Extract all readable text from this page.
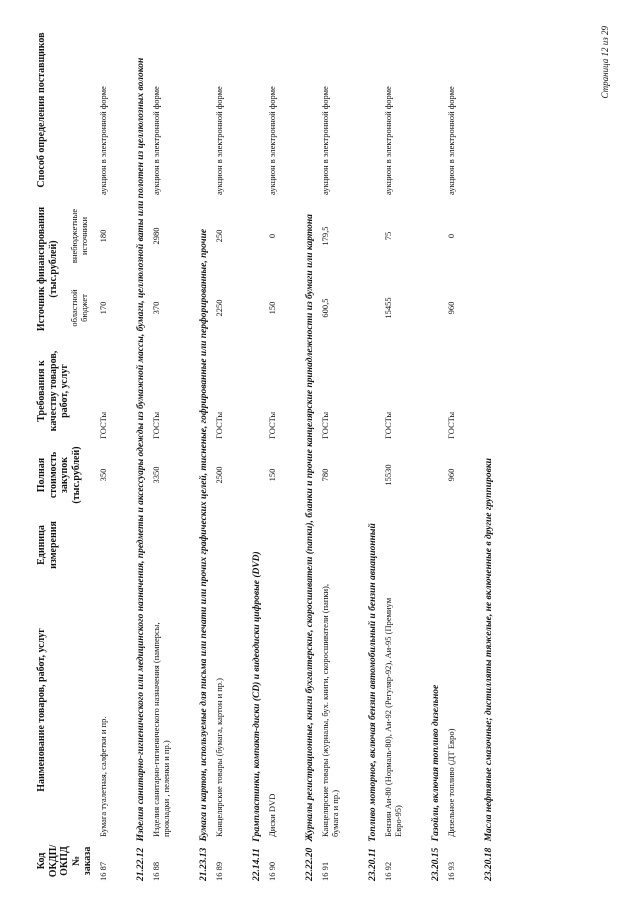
Код ОКДП/ ОКПД № заказа	Наименование товаров, работ, услуг	Единица измерения	Полная стоимость закупок (тыс.рублей)	Требования к качеству товаров, работ, услуг	Источник финансирования (тыс.рублей)		Способ определения поставщиков
					областной бюджет	внебюджетные источники	
16 87	Бумага туалетная, салфетки и пр.		350	ГОСТы	170	180	аукцион в электронной форме
21.22.12 Изделия санитарно-гигиенического или медицинского назначения, предметы и аксессуары одежды из бумажной массы, бумаги, целлюлозной ваты или полотен из целлюлозных волокон							
16 88	Изделия санитарно-гигиенического назначения (памперсы, прокладки , пеленки и пр.)		3350	ГОСТы	370	2980	аукцион в электронной форме
21.23.13 Бумага и картон, используемые для письма или печати или прочих графических целей, тисненые, гофрированные или перфорированные, прочие							
16 89	Канцелярские товары (бумага, картон и пр.)		2500	ГОСТы	2250	250	аукцион в электронной форме
22.14.11 Грампластинки, компакт-диски (CD) и видеодиски цифровые (DVD)							
16 90	Диски DVD		150	ГОСТы	150	0	аукцион в электронной форме
22.22.20 Журналы регистрационные, книги бухгалтерские, скоросшиватели (папки), бланки и прочие канцелярские принадлежности из бумаги или картона							
16 91	Канцелярские товары (журналы, бух. книги, скоросшиватели (папки), бумага и пр.)		780	ГОСТы	600,5	179,5	аукцион в электронной форме
23.20.11 Топливо моторное, включая бензин автомобильный и бензин авиационный							
16 92	Бензин Аи-80 (Нормаль-80), Аи-92 (Регуляр-92), Аи-95 (Премиум Евро-95)		15530	ГОСТы	15455	75	аукцион в электронной форме
23.20.15 Газойли, включая топливо дизельное							
16 93	Дизельное топливо (ДТ Евро)		960	ГОСТы	960	0	аукцион в электронной форме
23.20.18 Масла нефтяные смазочные; дистилляты тяжелые, не включенные в другие группировки							
Страница 12 из 29
